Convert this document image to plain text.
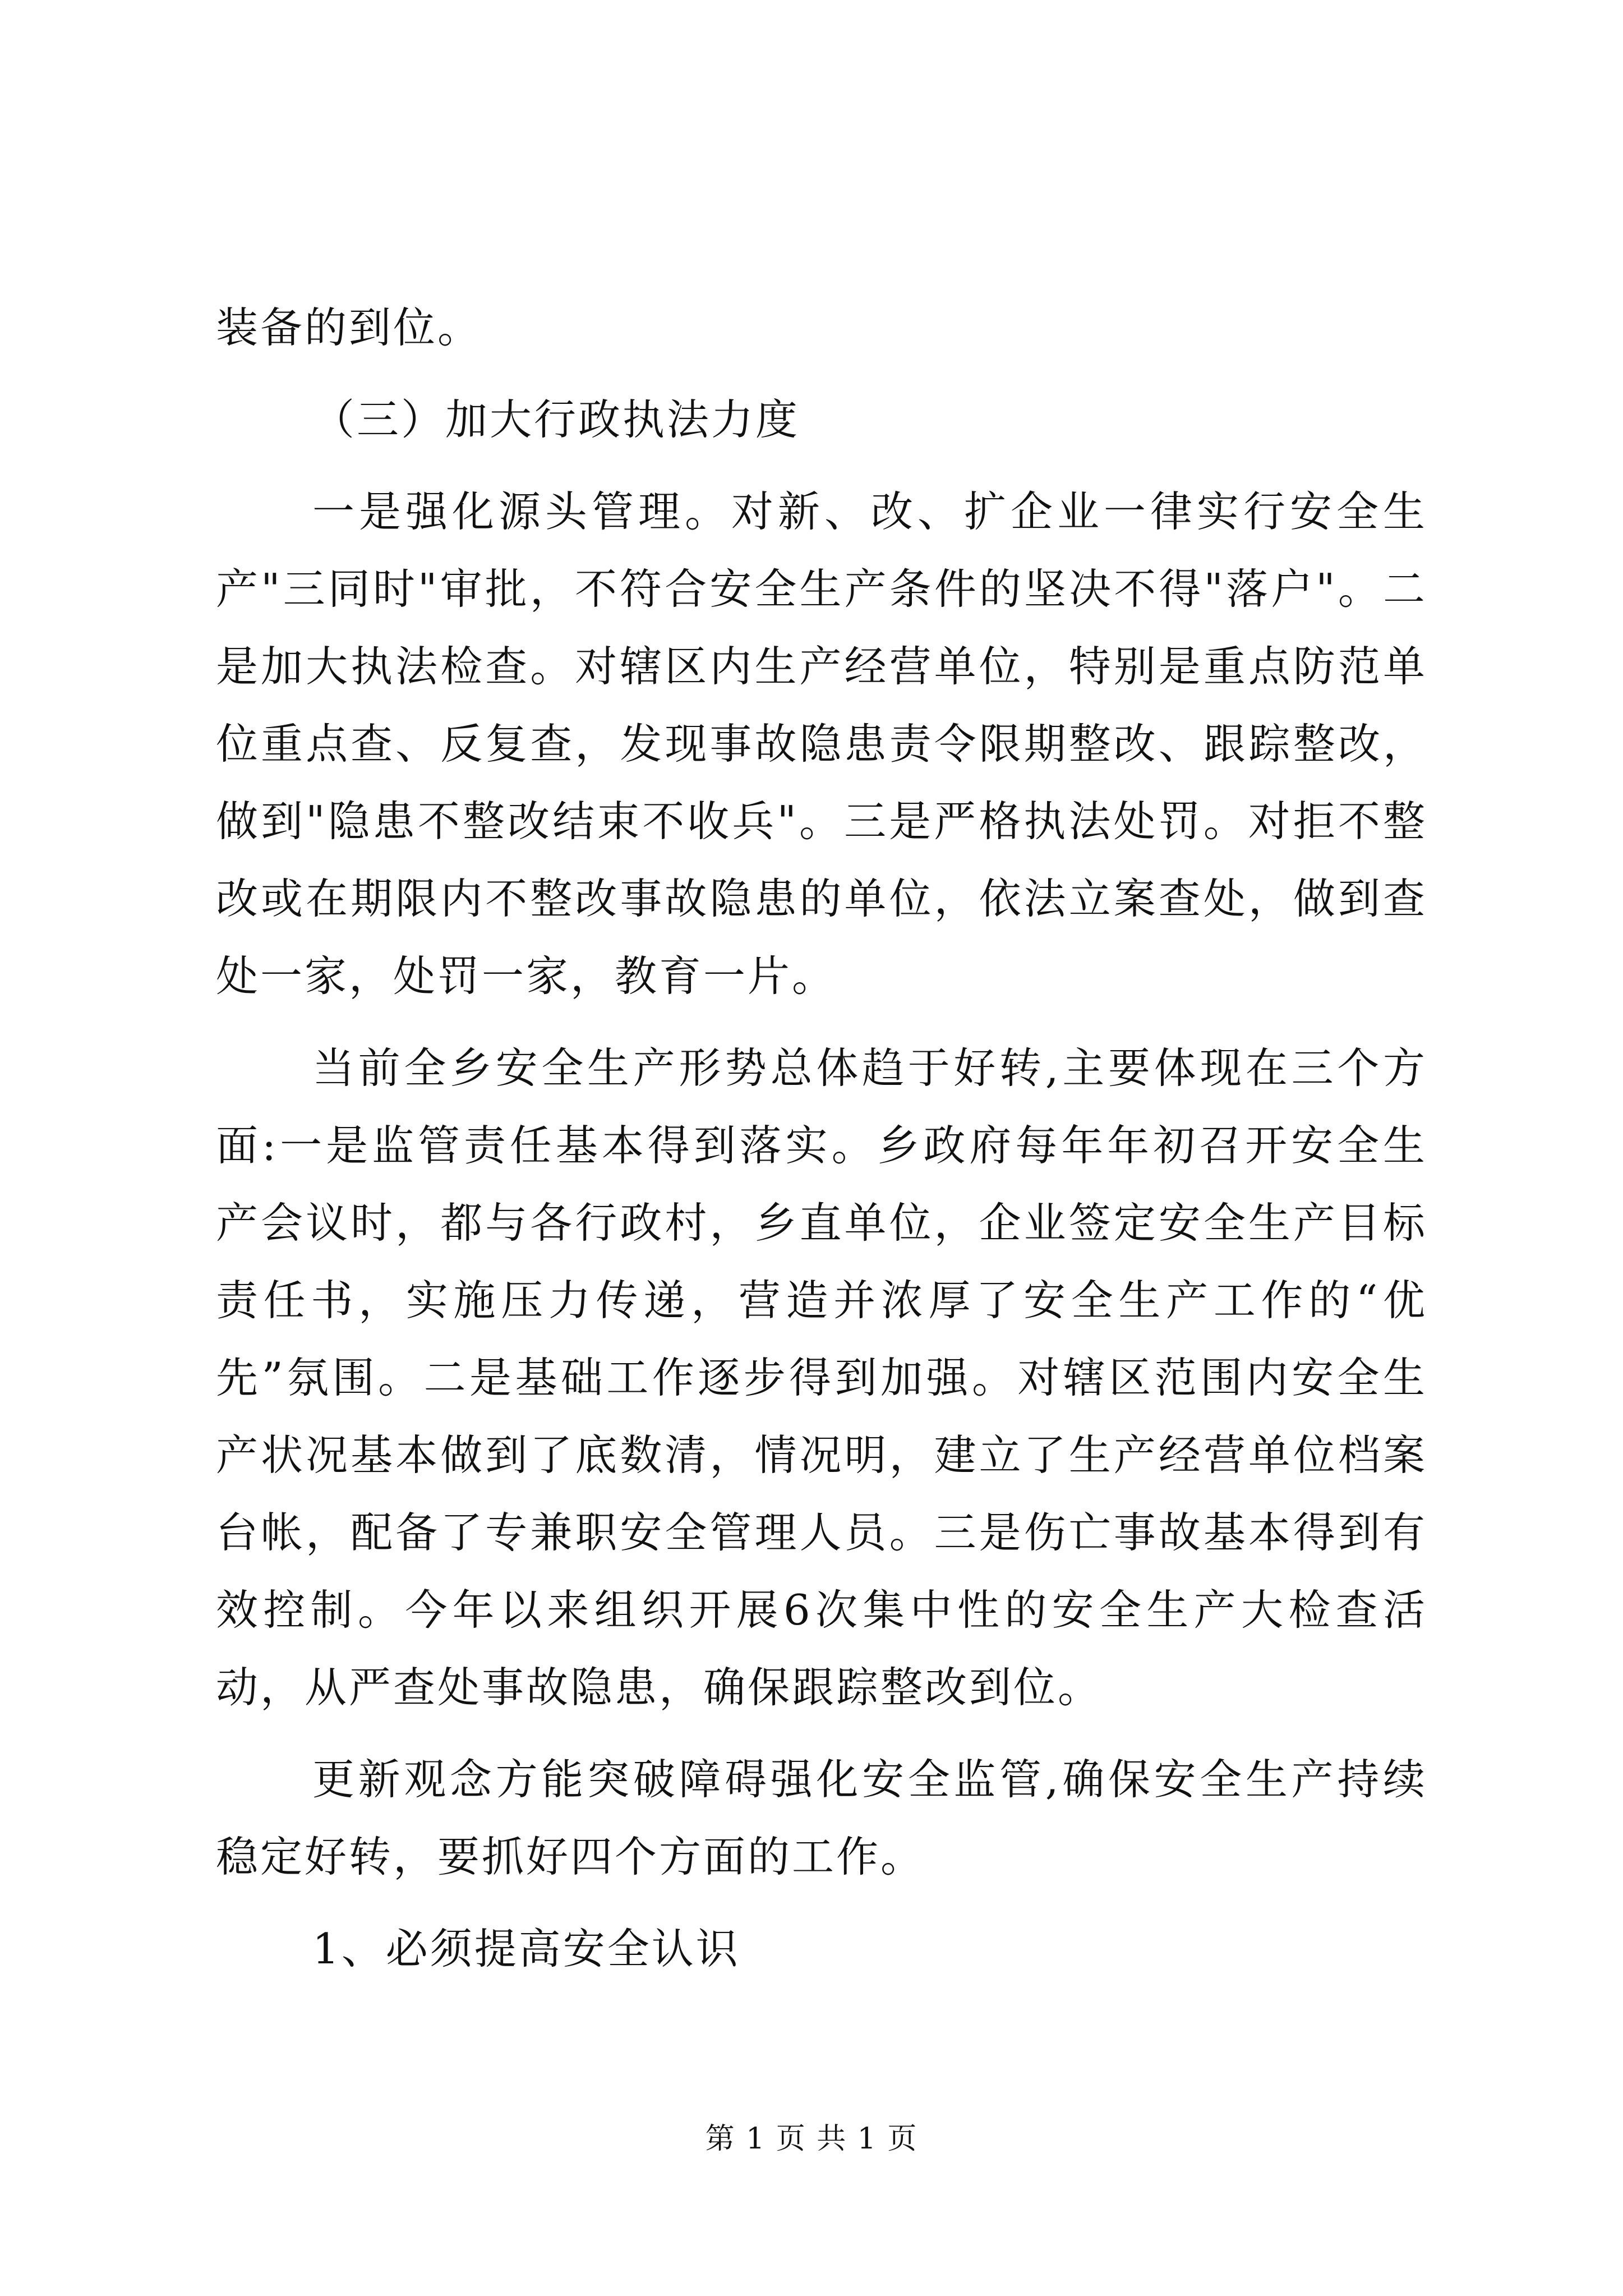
装备的到位。

（三）加大行政执法力度

一是强化源头管理。对新、改、扩企业一律实行安全生产"三同时"审批，不符合安全生产条件的坚决不得"落户"。二是加大执法检查。对辖区内生产经营单位，特别是重点防范单位重点查、反复查，发现事故隐患责令限期整改、跟踪整改，做到"隐患不整改结束不收兵"。三是严格执法处罚。对拒不整改或在期限内不整改事故隐患的单位，依法立案查处，做到查处一家，处罚一家，教育一片。

当前全乡安全生产形势总体趋于好转,主要体现在三个方面:一是监管责任基本得到落实。乡政府每年年初召开安全生产会议时，都与各行政村，乡直单位，企业签定安全生产目标责任书，实施压力传递，营造并浓厚了安全生产工作的“优先”氛围。二是基础工作逐步得到加强。对辖区范围内安全生产状况基本做到了底数清，情况明，建立了生产经营单位档案台帐，配备了专兼职安全管理人员。三是伤亡事故基本得到有效控制。今年以来组织开展6次集中性的安全生产大检查活动，从严查处事故隐患，确保跟踪整改到位。

更新观念方能突破障碍强化安全监管,确保安全生产持续稳定好转，要抓好四个方面的工作。

1、必须提高安全认识

第 1 页 共 1 页
